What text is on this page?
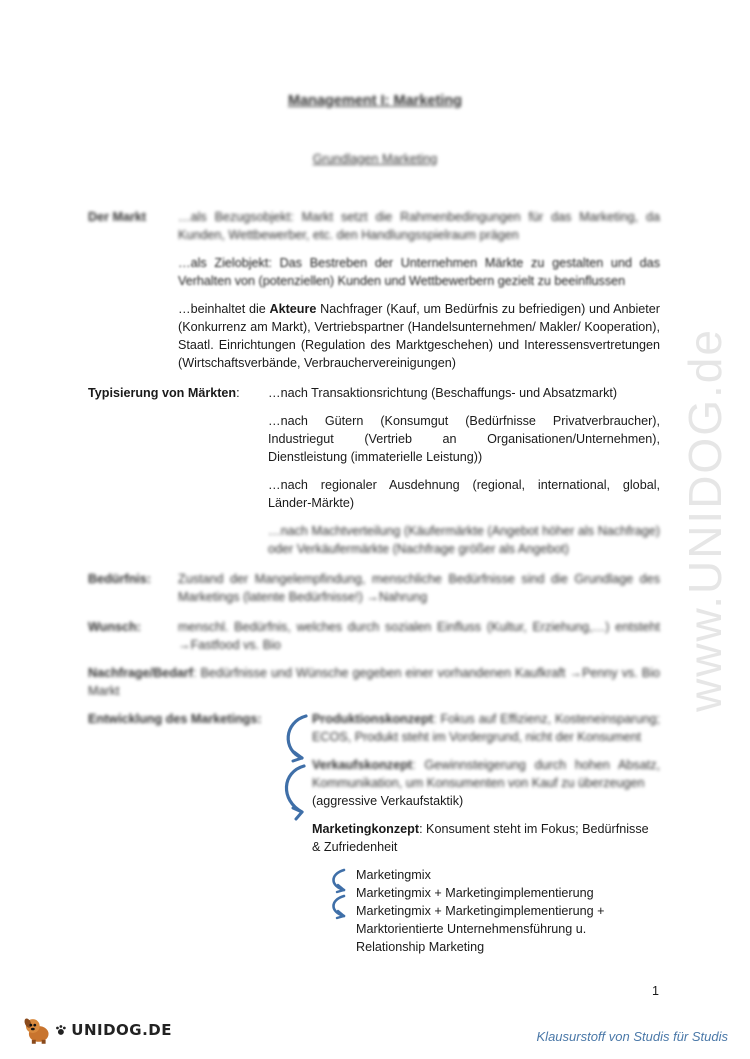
www.UNIDOG.de
Management I: Marketing
Grundlagen Marketing
Der Markt	…als Bezugsobjekt: Markt setzt die Rahmenbedingungen für das Marketing, da Kunden, Wettbewerber, etc. den Handlungsspielraum prägen
…als Zielobjekt: Das Bestreben der Unternehmen Märkte zu gestalten und das Verhalten von (potenziellen) Kunden und Wettbewerbern gezielt zu beeinflussen
…beinhaltet die Akteure Nachfrager (Kauf, um Bedürfnis zu befriedigen) und Anbieter (Konkurrenz am Markt), Vertriebspartner (Handelsunternehmen/ Makler/ Kooperation), Staatl. Einrichtungen (Regulation des Marktgeschehen) und Interessensvertretungen (Wirtschaftsverbände, Verbrauchervereinigungen)
Typisierung von Märkten: …nach Transaktionsrichtung (Beschaffungs- und Absatzmarkt)
…nach Gütern (Konsumgut (Bedürfnisse Privatverbraucher), Industriegut (Vertrieb an Organisationen/Unternehmen), Dienstleistung (immaterielle Leistung))
…nach regionaler Ausdehnung (regional, international, global, Länder-Märkte)
…nach Machtverteilung (Käufermärkte (Angebot höher als Nachfrage) oder Verkäufermärkte (Nachfrage größer als Angebot)
Bedürfnis: Zustand der Mangelempfindung, menschliche Bedürfnisse sind die Grundlage des Marketings (latente Bedürfnisse!) →Nahrung
Wunsch:	menschl. Bedürfnis, welches durch sozialen Einfluss (Kultur, Erziehung,…) entsteht →Fastfood vs. Bio
Nachfrage/Bedarf: Bedürfnisse und Wünsche gegeben einer vorhandenen Kaufkraft →Penny vs. Bio Markt
Entwicklung des Marketings:	Produktionskonzept: Fokus auf Effizienz, Kosteneinsparung; ECOS, Produkt steht im Vordergrund, nicht der Konsument
Verkaufskonzept: Gewinnsteigerung durch hohen Absatz, Kommunikation, um Konsumenten von Kauf zu überzeugen
(aggressive Verkaufstaktik)
Marketingkonzept: Konsument steht im Fokus; Bedürfnisse & Zufriedenheit
Marketingmix
Marketingmix + Marketingimplementierung
Marketingmix + Marketingimplementierung +
Marktorientierte Unternehmensführung u.
Relationship Marketing
1
UNIDOG.DE	Klausurstoff von Studis für Studis
